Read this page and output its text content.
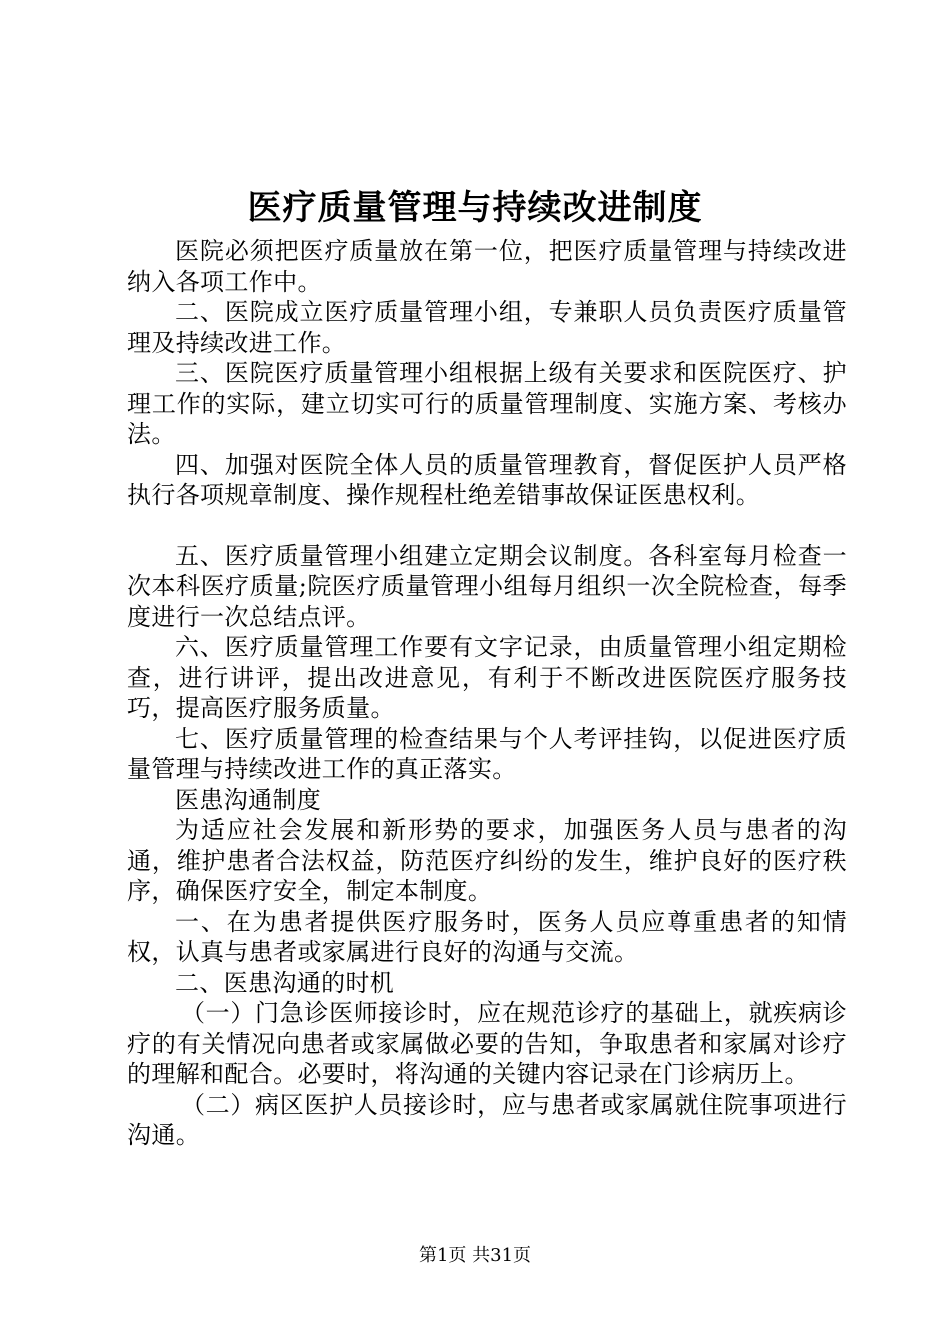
医疗质量管理与持续改进制度

医院必须把医疗质量放在第一位，把医疗质量管理与持续改进纳入各项工作中。

二、医院成立医疗质量管理小组，专兼职人员负责医疗质量管理及持续改进工作。

三、医院医疗质量管理小组根据上级有关要求和医院医疗、护理工作的实际，建立切实可行的质量管理制度、实施方案、考核办法。

四、加强对医院全体人员的质量管理教育，督促医护人员严格执行各项规章制度、操作规程杜绝差错事故保证医患权利。

五、医疗质量管理小组建立定期会议制度。各科室每月检查一次本科医疗质量;院医疗质量管理小组每月组织一次全院检查，每季度进行一次总结点评。

六、医疗质量管理工作要有文字记录，由质量管理小组定期检查，进行讲评，提出改进意见，有利于不断改进医院医疗服务技巧，提高医疗服务质量。

七、医疗质量管理的检查结果与个人考评挂钩，以促进医疗质量管理与持续改进工作的真正落实。

医患沟通制度

为适应社会发展和新形势的要求，加强医务人员与患者的沟通，维护患者合法权益，防范医疗纠纷的发生，维护良好的医疗秩序，确保医疗安全，制定本制度。

一、在为患者提供医疗服务时，医务人员应尊重患者的知情权，认真与患者或家属进行良好的沟通与交流。

二、医患沟通的时机

（一）门急诊医师接诊时，应在规范诊疗的基础上，就疾病诊疗的有关情况向患者或家属做必要的告知，争取患者和家属对诊疗的理解和配合。必要时，将沟通的关键内容记录在门诊病历上。

（二）病区医护人员接诊时，应与患者或家属就住院事项进行沟通。

第1页 共31页
